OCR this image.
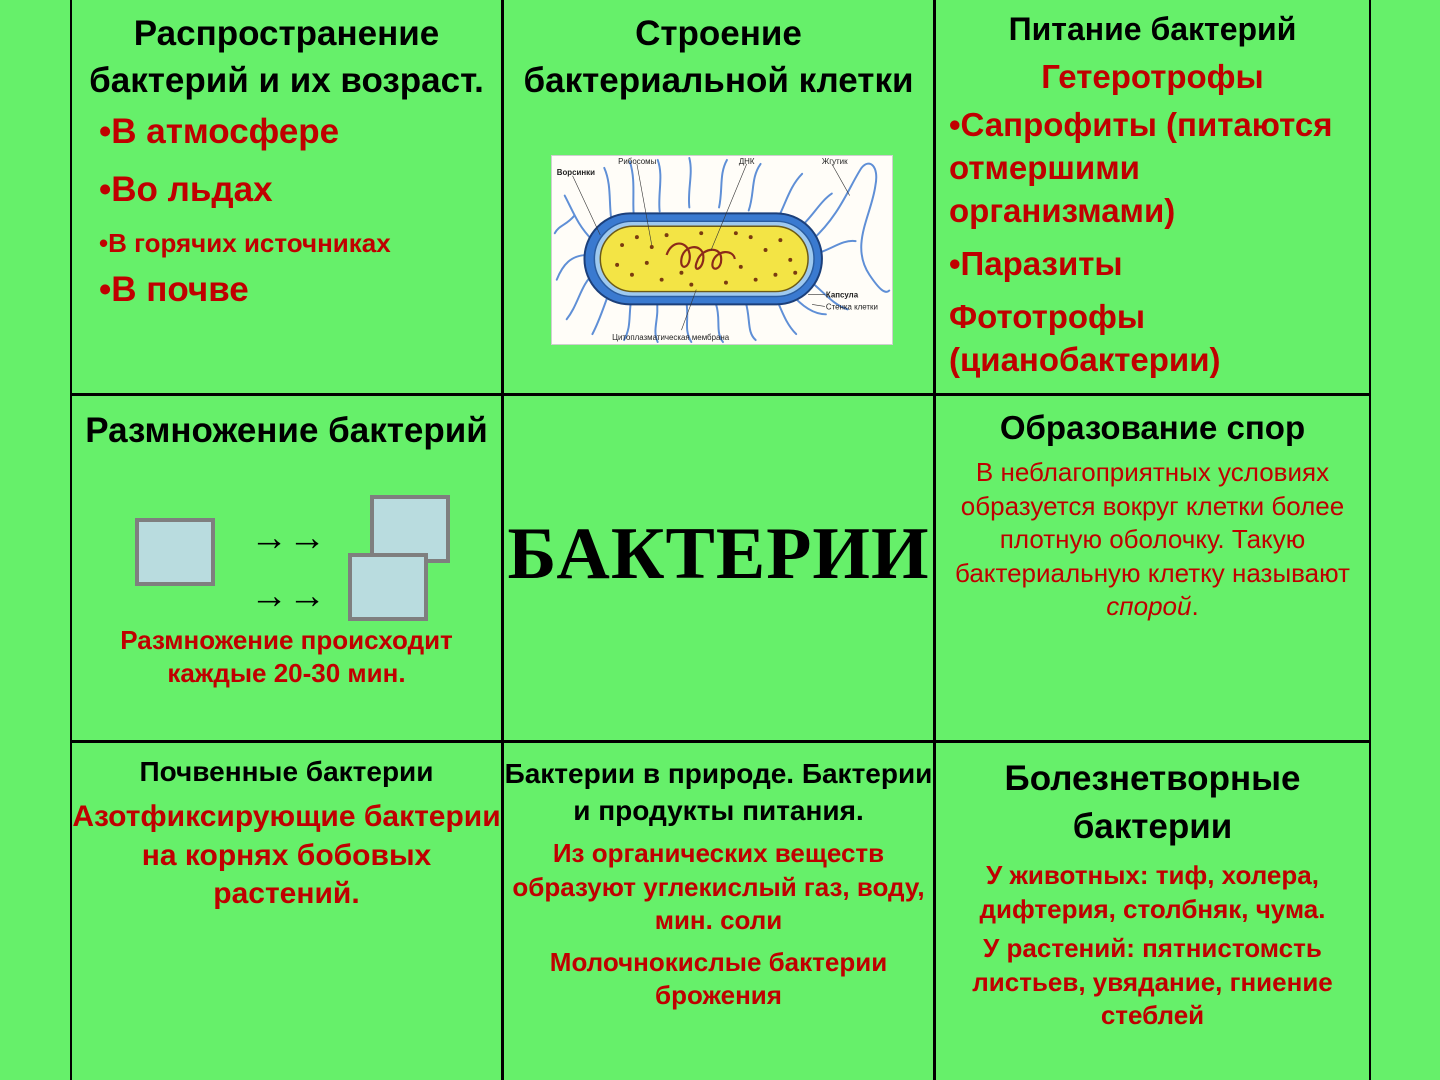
Распространение бактерий и их возраст.
•В атмосфере
•Во льдах
•В горячих источниках
•В почве
Строение бактериальной клетки
Ворсинки
Рибосомы	ДНК	Жгутик
Капсула
Стенка клетки
Цитоплазматическая мембрана
Питание бактерий
Гетеротрофы

•Сапрофиты (питаются отмершими организмами)

•Паразиты

Фототрофы (цианобактерии)

Размножение бактерий
→→
→→
Размножение происходит каждые 20-30 мин.
БАКТЕРИИ
Образование спор
В неблагоприятных условиях образуется вокруг клетки более плотную оболочку. Такую бактериальную клетку называют спорой.
Почвенные бактерии
Азотфиксирующие бактерии на корнях бобовых растений.
Бактерии в природе. Бактерии и продукты питания.
Из органических веществ образуют углекислый газ, воду, мин. соли
Молочнокислые бактерии брожения
Болезнетворные бактерии
У животных: тиф, холера, дифтерия, столбняк, чума.
У растений: пятнистомсть листьев, увядание, гниение стеблей
